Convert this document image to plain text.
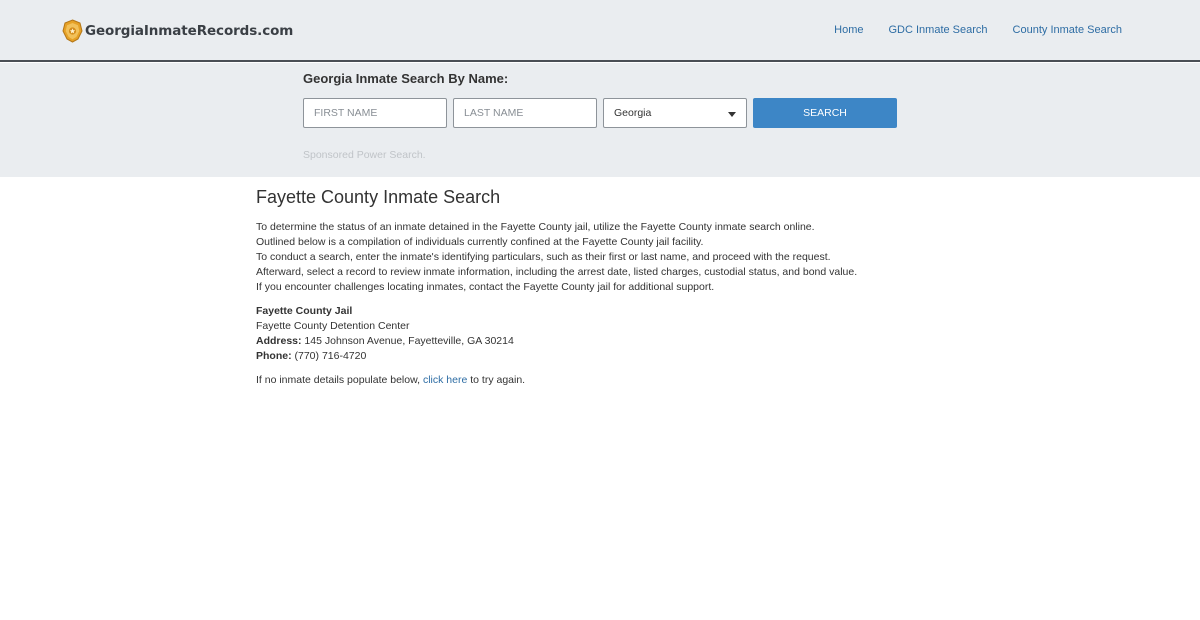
GeorgiaInmateRecords.com	Home GDC Inmate Search County Inmate Search
Georgia Inmate Search By Name:
FIRST NAME
LAST NAME
Georgia	SEARCH
Sponsored Power Search.
Fayette County Inmate Search

To determine the status of an inmate detained in the Fayette County jail, utilize the Fayette County inmate search online.

Outlined below is a compilation of individuals currently confined at the Fayette County jail facility.

To conduct a search, enter the inmate's identifying particulars, such as their first or last name, and proceed with the request.

Afterward, select a record to review inmate information, including the arrest date, listed charges, custodial status, and bond value.

If you encounter challenges locating inmates, contact the Fayette County jail for additional support.

Fayette County Jail
Fayette County Detention Center
Address: 145 Johnson Avenue, Fayetteville, GA 30214
Phone: (770) 716-4720
If no inmate details populate below, click here to try again.
